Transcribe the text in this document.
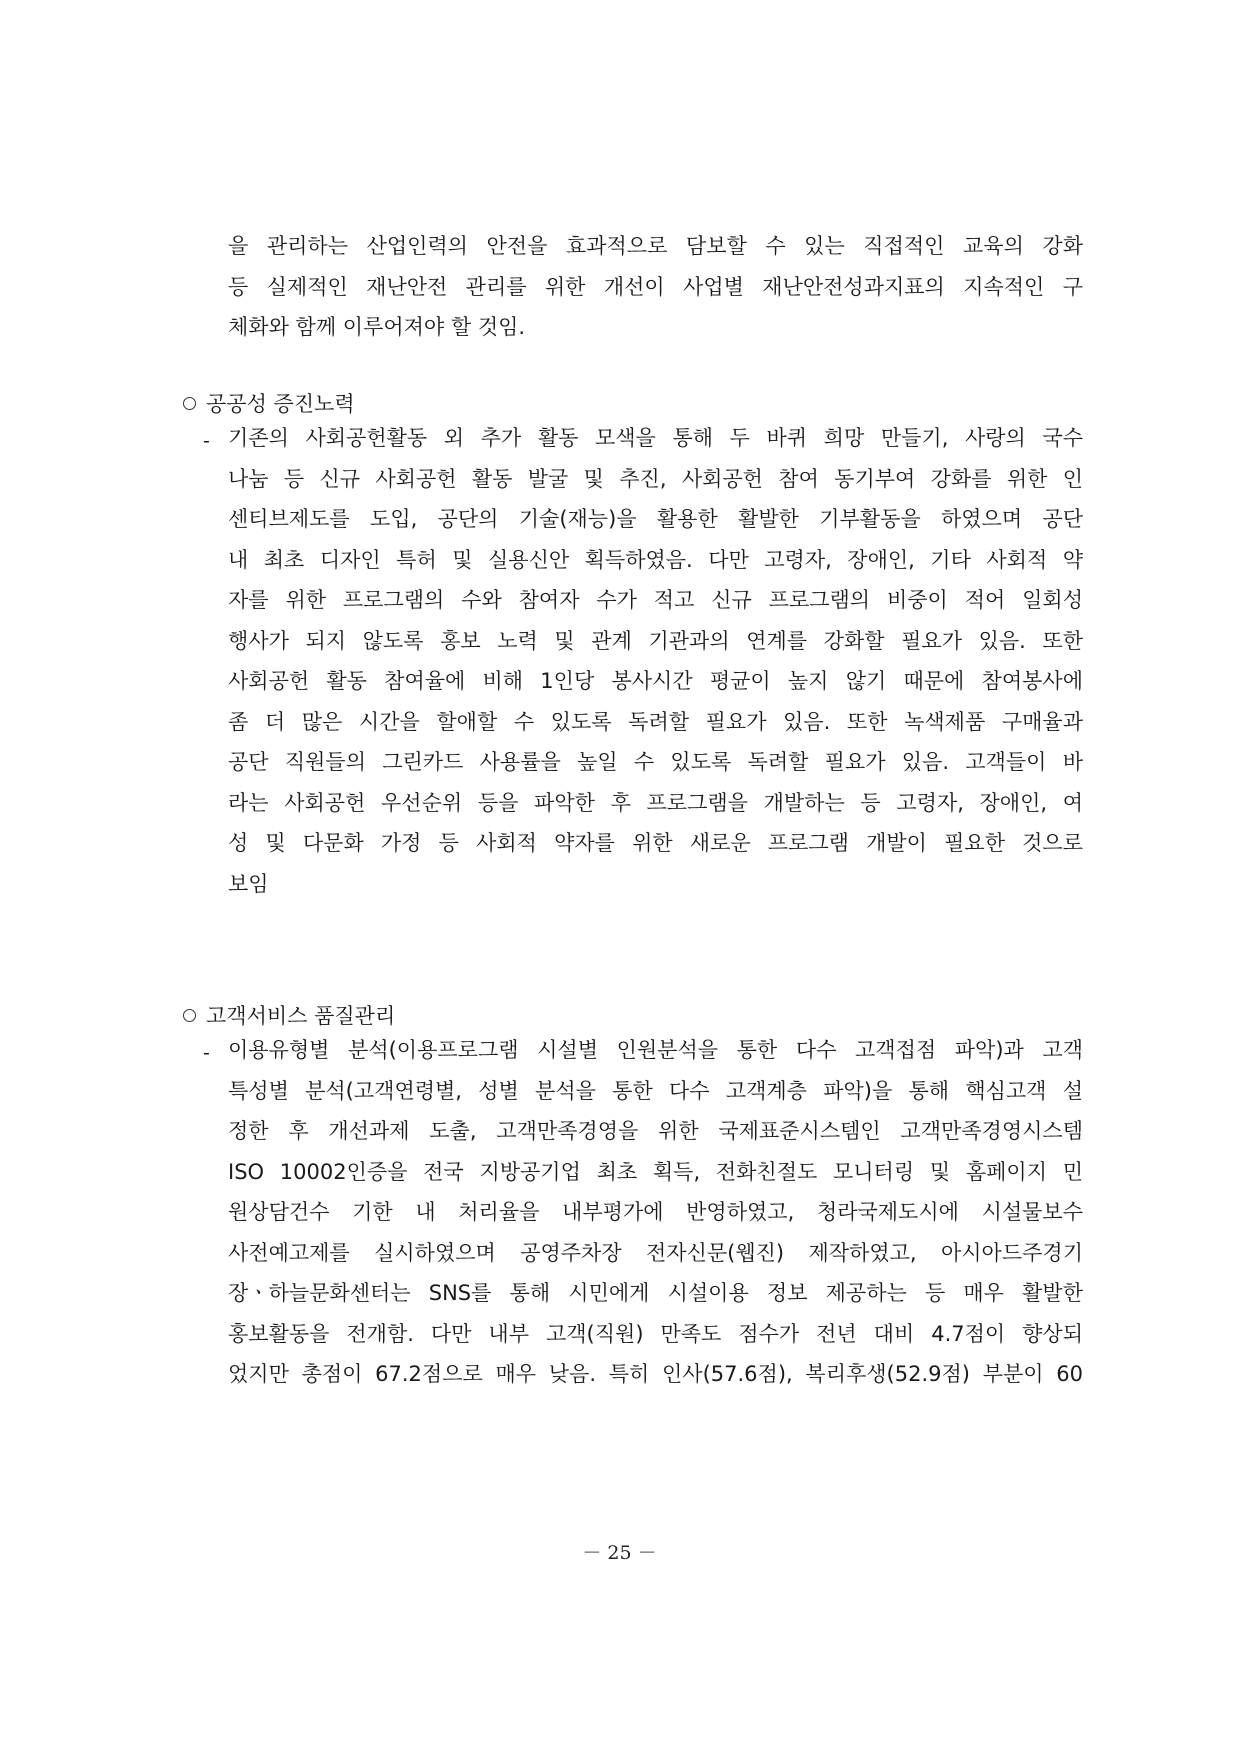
을 관리하는 산업인력의 안전을 효과적으로 담보할 수 있는 직접적인 교육의 강화
등 실제적인 재난안전 관리를 위한 개선이 사업별 재난안전성과지표의 지속적인 구
체화와 함께 이루어져야 할 것임.
공공성 증진노력
- 기존의 사회공헌활동 외 추가 활동 모색을 통해 두 바퀴 희망 만들기, 사랑의 국수
나눔 등 신규 사회공헌 활동 발굴 및 추진, 사회공헌 참여 동기부여 강화를 위한 인
센티브제도를 도입, 공단의 기술(재능)을 활용한 활발한 기부활동을 하였으며 공단
내 최초 디자인 특허 및 실용신안 획득하였음. 다만 고령자, 장애인, 기타 사회적 약
자를 위한 프로그램의 수와 참여자 수가 적고 신규 프로그램의 비중이 적어 일회성
행사가 되지 않도록 홍보 노력 및 관계 기관과의 연계를 강화할 필요가 있음. 또한
사회공헌 활동 참여율에 비해 1인당 봉사시간 평균이 높지 않기 때문에 참여봉사에
좀 더 많은 시간을 할애할 수 있도록 독려할 필요가 있음. 또한 녹색제품 구매율과
공단 직원들의 그린카드 사용률을 높일 수 있도록 독려할 필요가 있음. 고객들이 바
라는 사회공헌 우선순위 등을 파악한 후 프로그램을 개발하는 등 고령자, 장애인, 여
성 및 다문화 가정 등 사회적 약자를 위한 새로운 프로그램 개발이 필요한 것으로
보임
고객서비스 품질관리
- 이용유형별 분석(이용프로그램 시설별 인원분석을 통한 다수 고객접점 파악)과 고객
특성별 분석(고객연령별, 성별 분석을 통한 다수 고객계층 파악)을 통해 핵심고객 설
정한 후 개선과제 도출, 고객만족경영을 위한 국제표준시스템인 고객만족경영시스템
ISO 10002인증을 전국 지방공기업 최초 획득, 전화친절도 모니터링 및 홈페이지 민
원상담건수 기한 내 처리율을 내부평가에 반영하였고, 청라국제도시에 시설물보수
사전예고제를 실시하였으며 공영주차장 전자신문(웹진) 제작하였고, 아시아드주경기
장ㆍ하늘문화센터는 SNS를 통해 시민에게 시설이용 정보 제공하는 등 매우 활발한
홍보활동을 전개함. 다만 내부 고객(직원) 만족도 점수가 전년 대비 4.7점이 향상되
었지만 총점이 67.2점으로 매우 낮음. 특히 인사(57.6점), 복리후생(52.9점) 부분이 60
－ 25 －
